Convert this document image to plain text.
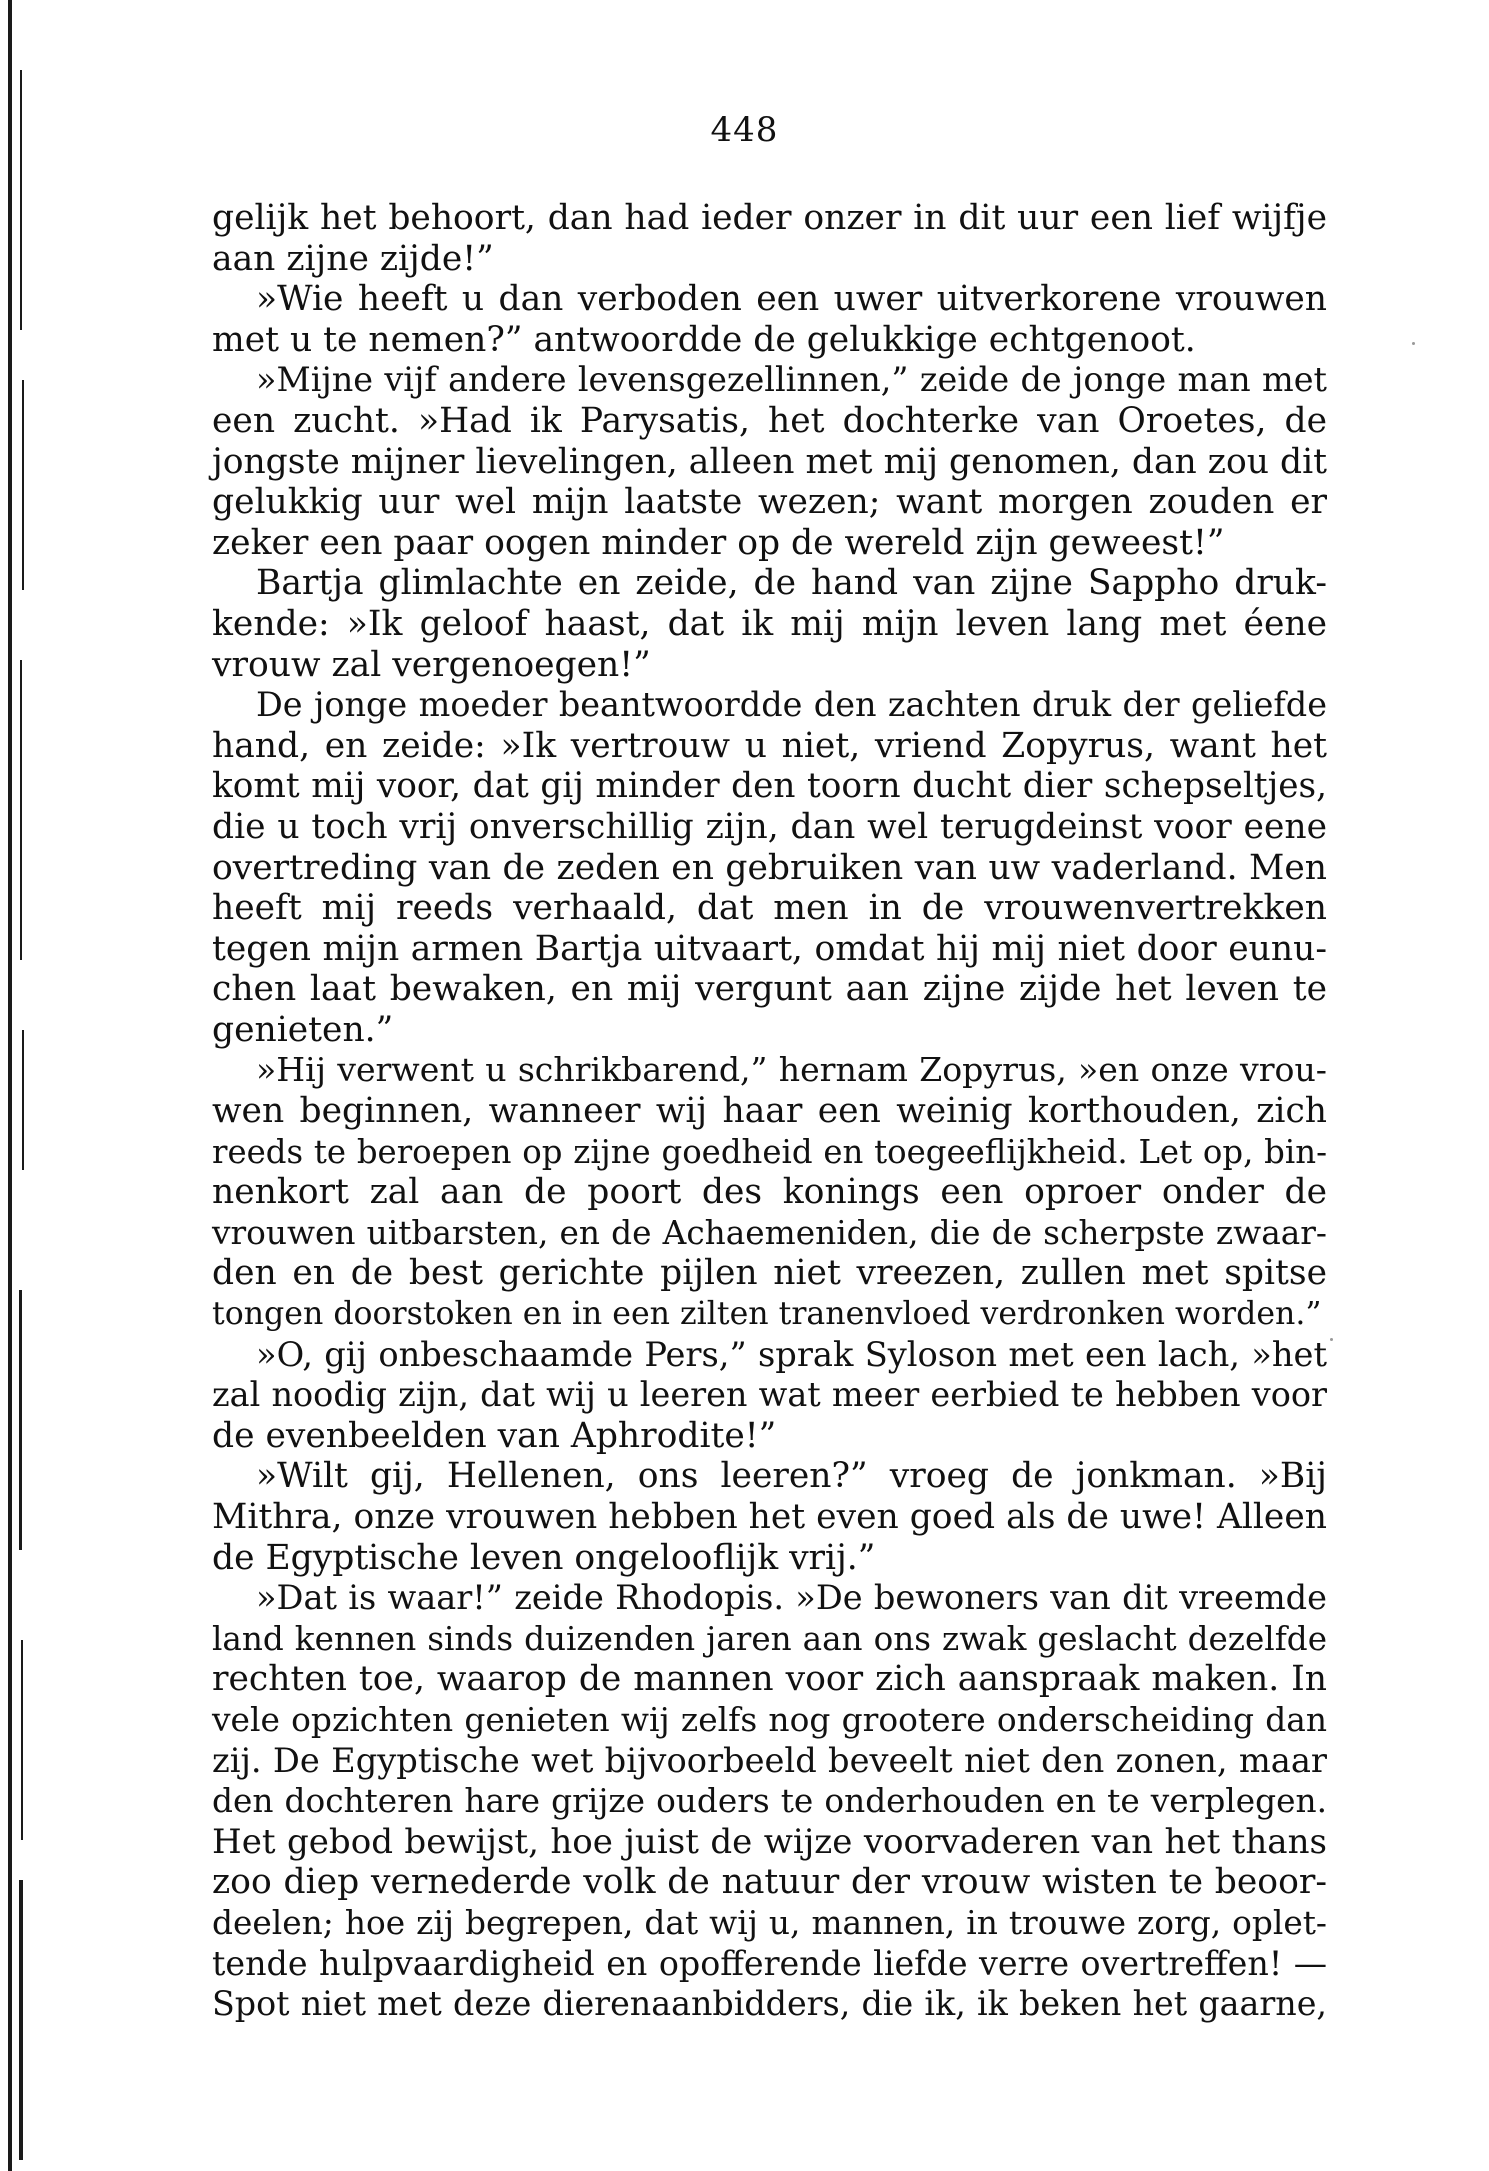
448
gelijk het behoort, dan had ieder onzer in dit uur een lief wijfje
aan zijne zijde!”
»Wie heeft u dan verboden een uwer uitverkorene vrouwen
met u te nemen?” antwoordde de gelukkige echtgenoot.
»Mijne vijf andere levensgezellinnen,” zeide de jonge man met
een zucht. »Had ik Parysatis, het dochterke van Oroetes, de
jongste mijner lievelingen, alleen met mij genomen, dan zou dit
gelukkig uur wel mijn laatste wezen; want morgen zouden er
zeker een paar oogen minder op de wereld zijn geweest!”
Bartja glimlachte en zeide, de hand van zijne Sappho druk-
kende: »Ik geloof haast, dat ik mij mijn leven lang met éene
vrouw zal vergenoegen!”
De jonge moeder beantwoordde den zachten druk der geliefde
hand, en zeide: »Ik vertrouw u niet, vriend Zopyrus, want het
komt mij voor, dat gij minder den toorn ducht dier schepseltjes,
die u toch vrij onverschillig zijn, dan wel terugdeinst voor eene
overtreding van de zeden en gebruiken van uw vaderland. Men
heeft mij reeds verhaald, dat men in de vrouwenvertrekken
tegen mijn armen Bartja uitvaart, omdat hij mij niet door eunu-
chen laat bewaken, en mij vergunt aan zijne zijde het leven te
genieten.”
»Hij verwent u schrikbarend,” hernam Zopyrus, »en onze vrou-
wen beginnen, wanneer wij haar een weinig korthouden, zich
reeds te beroepen op zijne goedheid en toegeeflijkheid. Let op, bin-
nenkort zal aan de poort des konings een oproer onder de
vrouwen uitbarsten, en de Achaemeniden, die de scherpste zwaar-
den en de best gerichte pijlen niet vreezen, zullen met spitse
tongen doorstoken en in een zilten tranenvloed verdronken worden.”
»O, gij onbeschaamde Pers,” sprak Syloson met een lach, »het
zal noodig zijn, dat wij u leeren wat meer eerbied te hebben voor
de evenbeelden van Aphrodite!”
»Wilt gij, Hellenen, ons leeren?” vroeg de jonkman. »Bij
Mithra, onze vrouwen hebben het even goed als de uwe! Alleen
de Egyptische leven ongelooflijk vrij.”
»Dat is waar!” zeide Rhodopis. »De bewoners van dit vreemde
land kennen sinds duizenden jaren aan ons zwak geslacht dezelfde
rechten toe, waarop de mannen voor zich aanspraak maken. In
vele opzichten genieten wij zelfs nog grootere onderscheiding dan
zij. De Egyptische wet bijvoorbeeld beveelt niet den zonen, maar
den dochteren hare grijze ouders te onderhouden en te verplegen.
Het gebod bewijst, hoe juist de wijze voorvaderen van het thans
zoo diep vernederde volk de natuur der vrouw wisten te beoor-
deelen; hoe zij begrepen, dat wij u, mannen, in trouwe zorg, oplet-
tende hulpvaardigheid en opofferende liefde verre overtreffen! —
Spot niet met deze dierenaanbidders, die ik, ik beken het gaarne,
